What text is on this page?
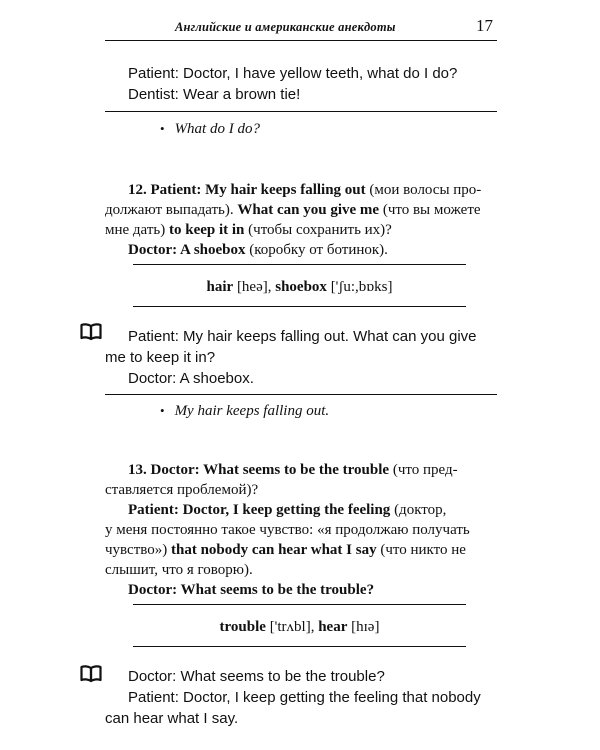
Английские и американские анекдоты	17
Patient: Doctor, I have yellow teeth, what do I do?
Dentist: Wear a brown tie!
• What do I do?
12. Patient: My hair keeps falling out (мои волосы про-
должают выпадать). What can you give me (что вы можете
мне дать) to keep it in (чтобы сохранить их)?
Doctor: A shoebox (коробку от ботинок).
hair [heə], shoebox ['ʃu:,bɒks]
Patient: My hair keeps falling out. What can you give
me to keep it in?
Doctor: A shoebox.
• My hair keeps falling out.
13. Doctor: What seems to be the trouble (что пред-
ставляется проблемой)?
Patient: Doctor, I keep getting the feeling (доктор,
у меня постоянно такое чувство: «я продолжаю получать
чувство») that nobody can hear what I say (что никто не
слышит, что я говорю).
Doctor: What seems to be the trouble?
trouble ['trʌbl], hear [hɪə]
Doctor: What seems to be the trouble?
Patient: Doctor, I keep getting the feeling that nobody
can hear what I say.
